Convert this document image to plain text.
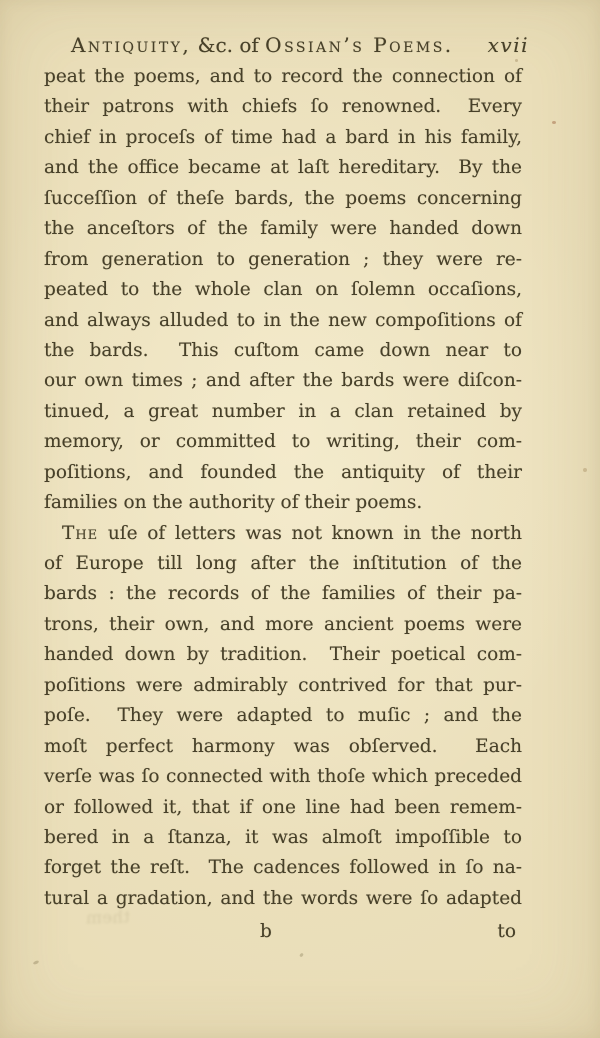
Antiquity, &c. of Ossian’s Poems. xvii
peat the poems, and to record the connection of
their patrons with chiefs ſo renowned.  Every
chief in proceſs of time had a bard in his family,
and the office became at laſt hereditary.  By the
ſucceſſion of theſe bards, the poems concerning
the anceſtors of the family were handed down
from generation to generation ; they were re-
peated to the whole clan on ſolemn occaſions,
and always alluded to in the new compoſitions of
the bards.  This cuſtom came down near to
our own times ; and after the bards were diſcon-
tinued, a great number in a clan retained by
memory, or committed to writing, their com-
poſitions, and founded the antiquity of their
families on the authority of their poems.
The uſe of letters was not known in the north
of Europe till long after the inſtitution of the
bards : the records of the families of their pa-
trons, their own, and more ancient poems were
handed down by tradition.  Their poetical com-
poſitions were admirably contrived for that pur-
poſe.  They were adapted to muſic ; and the
moſt perfect harmony was obſerved.  Each
verſe was ſo connected with thoſe which preceded
or followed it, that if one line had been remem-
bered in a ſtanza, it was almoſt impoſſible to
forget the reſt.  The cadences followed in ſo na-
tural a gradation, and the words were ſo adapted
b	to
them
